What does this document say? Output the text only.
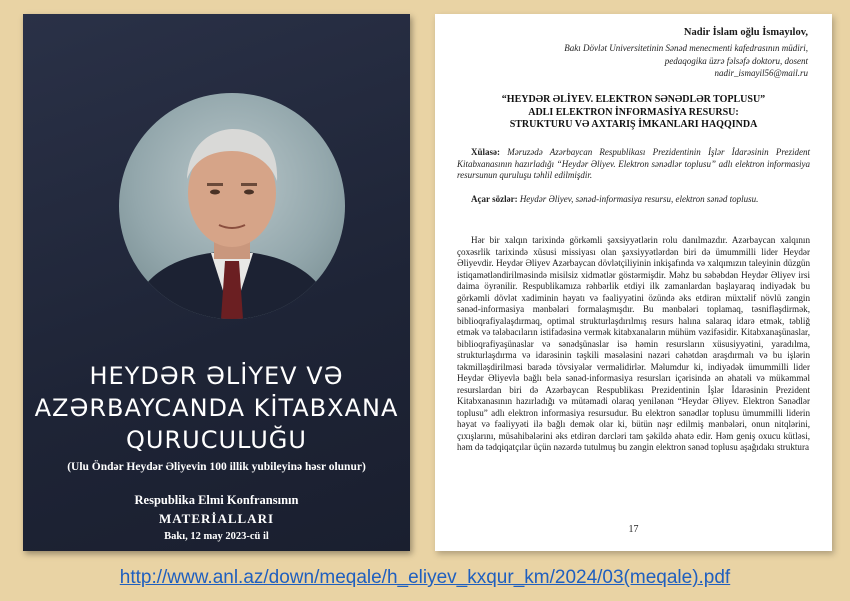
HEYDƏR ƏLİYEV VƏ
AZƏRBAYCANDA KİTABXANA
QURUCULUĞU
(Ulu Öndər Heydər Əliyevin 100 illik yubileyinə həsr olunur)
Respublika Elmi Konfransının
MATERİALLARI
Bakı, 12 may 2023-cü il
Nadir İslam oğlu İsmayılov,
Bakı Dövlət Universitetinin Sənəd menecmenti kafedrasının müdiri,
pedaqogika üzrə fəlsəfə doktoru, dosent
nadir_ismayil56@mail.ru
“HEYDƏR ƏLİYEV. ELEKTRON SƏNƏDLƏR TOPLUSU”
ADLI ELEKTRON İNFORMASİYA RESURSU:
STRUKTURU VƏ AXTARIŞ İMKANLARI HAQQINDA
Xülasə: Məruzədə Azərbaycan Respublikası Prezidentinin İşlər İdarəsinin Prezident Kitabxanasının hazırladığı “Heydər Əliyev. Elektron sənədlər toplusu” adlı elektron informasiya resursunun quruluşu təhlil edilmişdir.
Açar sözlər: Heydər Əliyev, sənəd-informasiya resursu, elektron sənəd toplusu.
Hər bir xalqın tarixində görkəmli şəxsiyyətlərin rolu danılmazdır. Azərbaycan xalqının çoxəsrlik tarixində xüsusi missiyası olan şəxsiyyətlərdən biri də ümummilli lider Heydər Əliyevdir. Heydər Əliyev Azərbaycan dövlətçiliyinin inkişafında və xalqımızın taleyinin düzgün istiqamətləndirilməsində misilsiz xidmətlər göstərmişdir. Məhz bu səbəbdən Heydər Əliyev irsi daima öyrənilir. Respublikamıza rəhbərlik etdiyi ilk zamanlardan başlayaraq indiyədək bu görkəmli dövlət xadiminin həyatı və fəaliyyətini özündə əks etdirən müxtəlif növlü zəngin sənəd-informasiya mənbələri formalaşmışdır. Bu mənbələri toplamaq, təsnifləşdirmək, biblioqrafiyalaşdırmaq, optimal strukturlaşdırılmış resurs halına salaraq idarə etmək, təbliğ etmək və tələbacıların istifadəsinə vermək kitabxanaların mühüm vəzifəsidir. Kitabxanaşünaslar, biblioqrafiyaşünaslar və sənədşünaslar isə həmin resursların xüsusiyyətini, yaradılma, strukturlaşdırma və idarəsinin təşkili məsələsini nəzəri cəhətdən araşdırmalı və bu işlərin təkmilləşdirilməsi barədə tövsiyələr verməlidirlər. Məlumdur ki, indiyədək ümummilli lider Heydər Əliyevlə bağlı belə sənəd-informasiya resursları içərisində ən əhatəli və mükəmməl resurslardan biri də Azərbaycan Respublikası Prezidentinin İşlər İdarəsinin Prezident Kitabxanasının hazırladığı və mütəmadi olaraq yenilənən “Heydər Əliyev. Elektron Sənədlər toplusu” adlı elektron informasiya resursudur. Bu elektron sənədlər toplusu ümummilli liderin həyat və fəaliyyəti ilə bağlı demək olar ki, bütün nəşr edilmiş mənbələri, onun nitqlərini, çıxışlarını, müsahibələrini əks etdirən dərcləri tam şəkildə əhatə edir. Həm geniş oxucu kütləsi, həm də tədqiqatçılar üçün nəzərdə tutulmuş bu zəngin elektron sənəd toplusu aşağıdakı struktura
17
http://www.anl.az/down/meqale/h_eliyev_kxqur_km/2024/03(meqale).pdf
